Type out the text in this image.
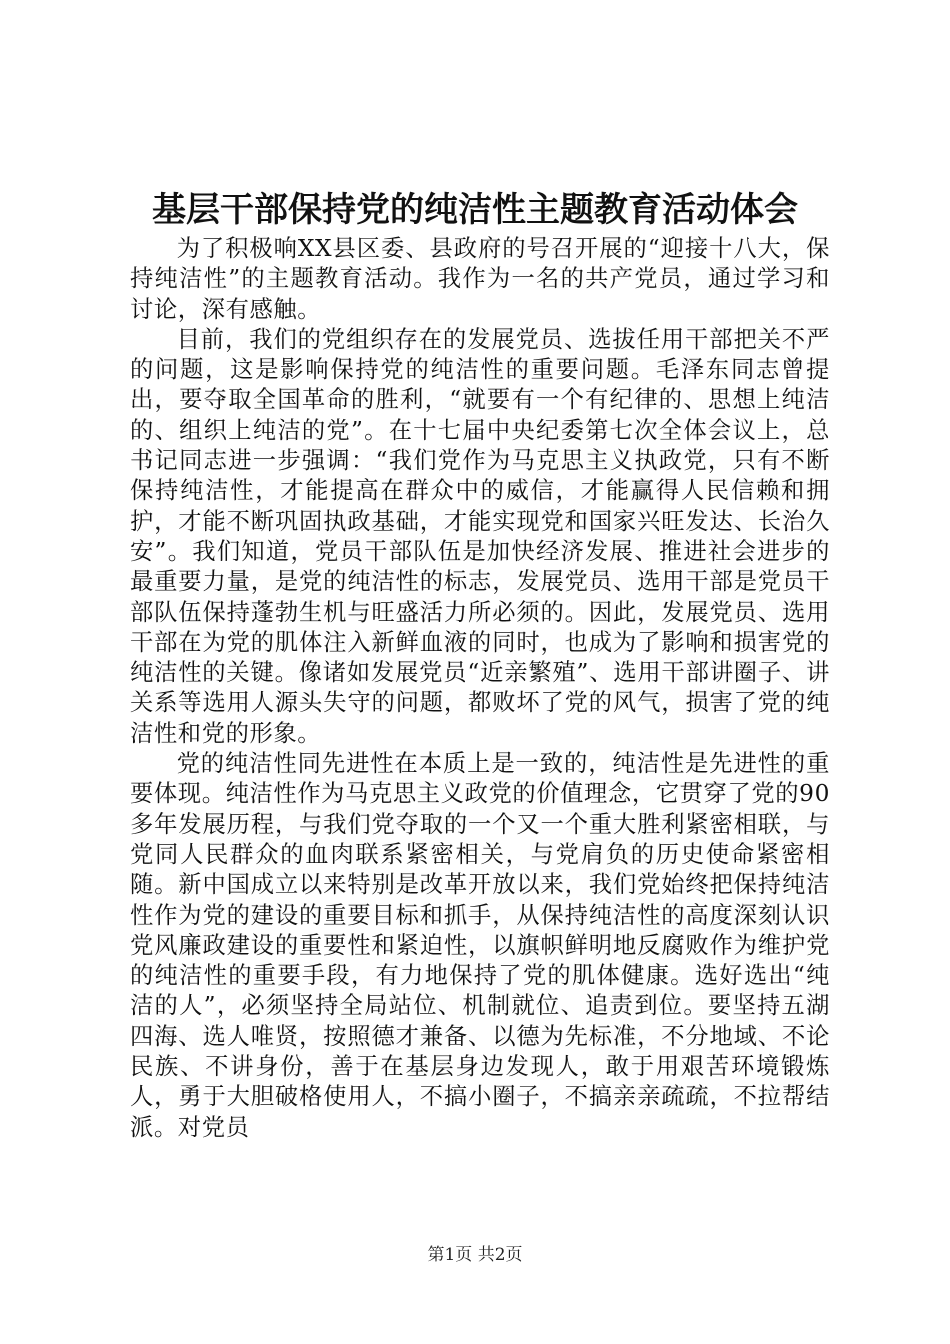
基层干部保持党的纯洁性主题教育活动体会

为了积极响XX县区委、县政府的号召开展的“迎接十八大，保持纯洁性”的主题教育活动。我作为一名的共产党员，通过学习和讨论，深有感触。

目前，我们的党组织存在的发展党员、选拔任用干部把关不严的问题，这是影响保持党的纯洁性的重要问题。毛泽东同志曾提出，要夺取全国革命的胜利，“就要有一个有纪律的、思想上纯洁的、组织上纯洁的党”。在十七届中央纪委第七次全体会议上，总书记同志进一步强调：“我们党作为马克思主义执政党，只有不断保持纯洁性，才能提高在群众中的威信，才能赢得人民信赖和拥护，才能不断巩固执政基础，才能实现党和国家兴旺发达、长治久安”。我们知道，党员干部队伍是加快经济发展、推进社会进步的最重要力量，是党的纯洁性的标志，发展党员、选用干部是党员干部队伍保持蓬勃生机与旺盛活力所必须的。因此，发展党员、选用干部在为党的肌体注入新鲜血液的同时，也成为了影响和损害党的纯洁性的关键。像诸如发展党员“近亲繁殖”、选用干部讲圈子、讲关系等选用人源头失守的问题，都败坏了党的风气，损害了党的纯洁性和党的形象。

党的纯洁性同先进性在本质上是一致的，纯洁性是先进性的重要体现。纯洁性作为马克思主义政党的价值理念，它贯穿了党的90多年发展历程，与我们党夺取的一个又一个重大胜利紧密相联，与党同人民群众的血肉联系紧密相关，与党肩负的历史使命紧密相随。新中国成立以来特别是改革开放以来，我们党始终把保持纯洁性作为党的建设的重要目标和抓手，从保持纯洁性的高度深刻认识党风廉政建设的重要性和紧迫性，以旗帜鲜明地反腐败作为维护党的纯洁性的重要手段，有力地保持了党的肌体健康。选好选出“纯洁的人”，必须坚持全局站位、机制就位、追责到位。要坚持五湖四海、选人唯贤，按照德才兼备、以德为先标准，不分地域、不论民族、不讲身份，善于在基层身边发现人，敢于用艰苦环境锻炼人，勇于大胆破格使用人，不搞小圈子，不搞亲亲疏疏，不拉帮结派。对党员

第1页 共2页
